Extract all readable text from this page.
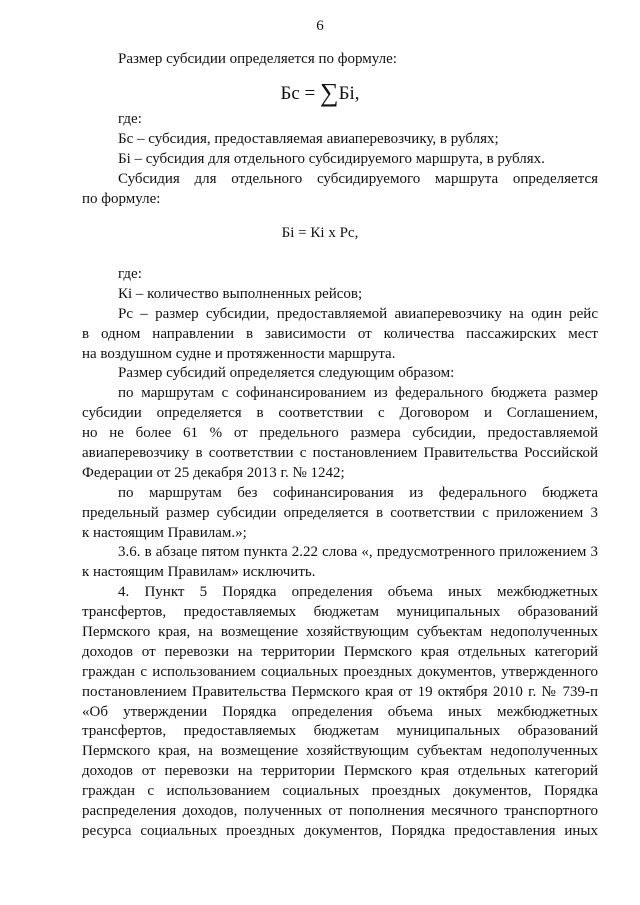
6
Размер субсидии определяется по формуле:
Бс = ∑Бi,
где:
Бс – субсидия, предоставляемая авиаперевозчику, в рублях;
Бi – субсидия для отдельного субсидируемого маршрута, в рублях.
Субсидия для отдельного субсидируемого маршрута определяется
по формуле:
Бi = Кi х Рс,
где:
Кi – количество выполненных рейсов;
Рс – размер субсидии, предоставляемой авиаперевозчику на один рейс
в одном направлении в зависимости от количества пассажирских мест
на воздушном судне и протяженности маршрута.
Размер субсидий определяется следующим образом:
по маршрутам с софинансированием из федерального бюджета размер
субсидии определяется в соответствии с Договором и Соглашением,
но не более 61 % от предельного размера субсидии, предоставляемой
авиаперевозчику в соответствии с постановлением Правительства Российской
Федерации от 25 декабря 2013 г. № 1242;
по маршрутам без софинансирования из федерального бюджета
предельный размер субсидии определяется в соответствии с приложением 3
к настоящим Правилам.»;
3.6. в абзаце пятом пункта 2.22 слова «, предусмотренного приложением 3
к настоящим Правилам» исключить.
4. Пункт 5 Порядка определения объема иных межбюджетных
трансфертов, предоставляемых бюджетам муниципальных образований
Пермского края, на возмещение хозяйствующим субъектам недополученных
доходов от перевозки на территории Пермского края отдельных категорий
граждан с использованием социальных проездных документов, утвержденного
постановлением Правительства Пермского края от 19 октября 2010 г. № 739-п
«Об утверждении Порядка определения объема иных межбюджетных
трансфертов, предоставляемых бюджетам муниципальных образований
Пермского края, на возмещение хозяйствующим субъектам недополученных
доходов от перевозки на территории Пермского края отдельных категорий
граждан с использованием социальных проездных документов, Порядка
распределения доходов, полученных от пополнения месячного транспортного
ресурса социальных проездных документов, Порядка предоставления иных
